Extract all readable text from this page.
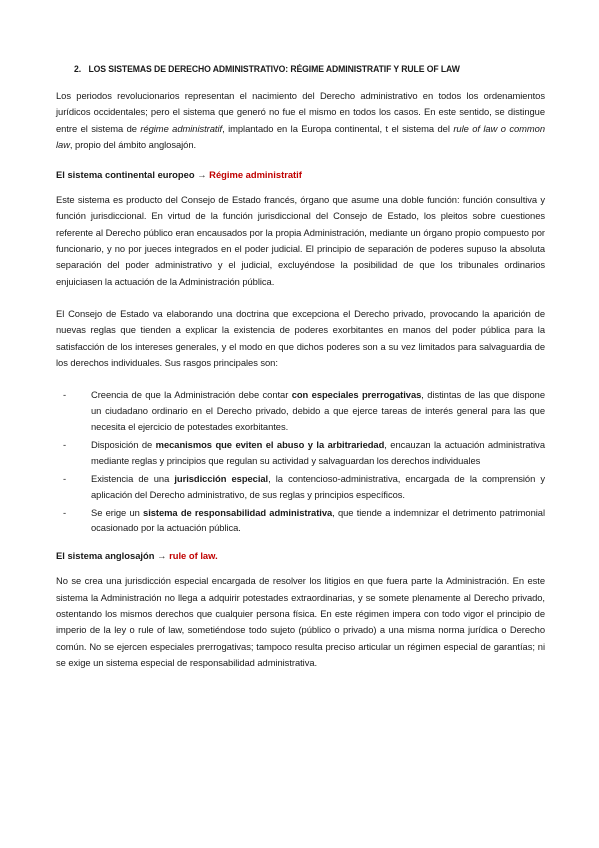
2. LOS SISTEMAS DE DERECHO ADMINISTRATIVO: RÉGIME ADMINISTRATIF Y RULE OF LAW

Los periodos revolucionarios representan el nacimiento del Derecho administrativo en todos los ordenamientos jurídicos occidentales; pero el sistema que generó no fue el mismo en todos los casos. En este sentido, se distingue entre el sistema de régime administratif, implantado en la Europa continental, t el sistema del rule of law o common law, propio del ámbito anglosajón.

El sistema continental europeo → Régime administratif

Este sistema es producto del Consejo de Estado francés, órgano que asume una doble función: función consultiva y función jurisdiccional. En virtud de la función jurisdiccional del Consejo de Estado, los pleitos sobre cuestiones referente al Derecho público eran encausados por la propia Administración, mediante un órgano propio compuesto por funcionario, y no por jueces integrados en el poder judicial. El principio de separación de poderes supuso la absoluta separación del poder administrativo y el judicial, excluyéndose la posibilidad de que los tribunales ordinarios enjuiciasen la actuación de la Administración pública.

El Consejo de Estado va elaborando una doctrina que excepciona el Derecho privado, provocando la aparición de nuevas reglas que tienden a explicar la existencia de poderes exorbitantes en manos del poder pública para la satisfacción de los intereses generales, y el modo en que dichos poderes son a su vez limitados para salvaguardia de los derechos individuales. Sus rasgos principales son:

-	Creencia de que la Administración debe contar con especiales prerrogativas, distintas de las que dispone un ciudadano ordinario en el Derecho privado, debido a que ejerce tareas de interés general para las que necesita el ejercicio de potestades exorbitantes.
-	Disposición de mecanismos que eviten el abuso y la arbitrariedad, encauzan la actuación administrativa mediante reglas y principios que regulan su actividad y salvaguardan los derechos individuales
-	Existencia de una jurisdicción especial, la contencioso-administrativa, encargada de la comprensión y aplicación del Derecho administrativo, de sus reglas y principios específicos.
-	Se erige un sistema de responsabilidad administrativa, que tiende a indemnizar el detrimento patrimonial ocasionado por la actuación pública.
El sistema anglosajón → rule of law.

No se crea una jurisdicción especial encargada de resolver los litigios en que fuera parte la Administración. En este sistema la Administración no llega a adquirir potestades extraordinarias, y se somete plenamente al Derecho privado, ostentando los mismos derechos que cualquier persona física. En este régimen impera con todo vigor el principio de imperio de la ley o rule of law, sometiéndose todo sujeto (público o privado) a una misma norma jurídica o Derecho común. No se ejercen especiales prerrogativas; tampoco resulta preciso articular un régimen especial de garantías; ni se exige un sistema especial de responsabilidad administrativa.
